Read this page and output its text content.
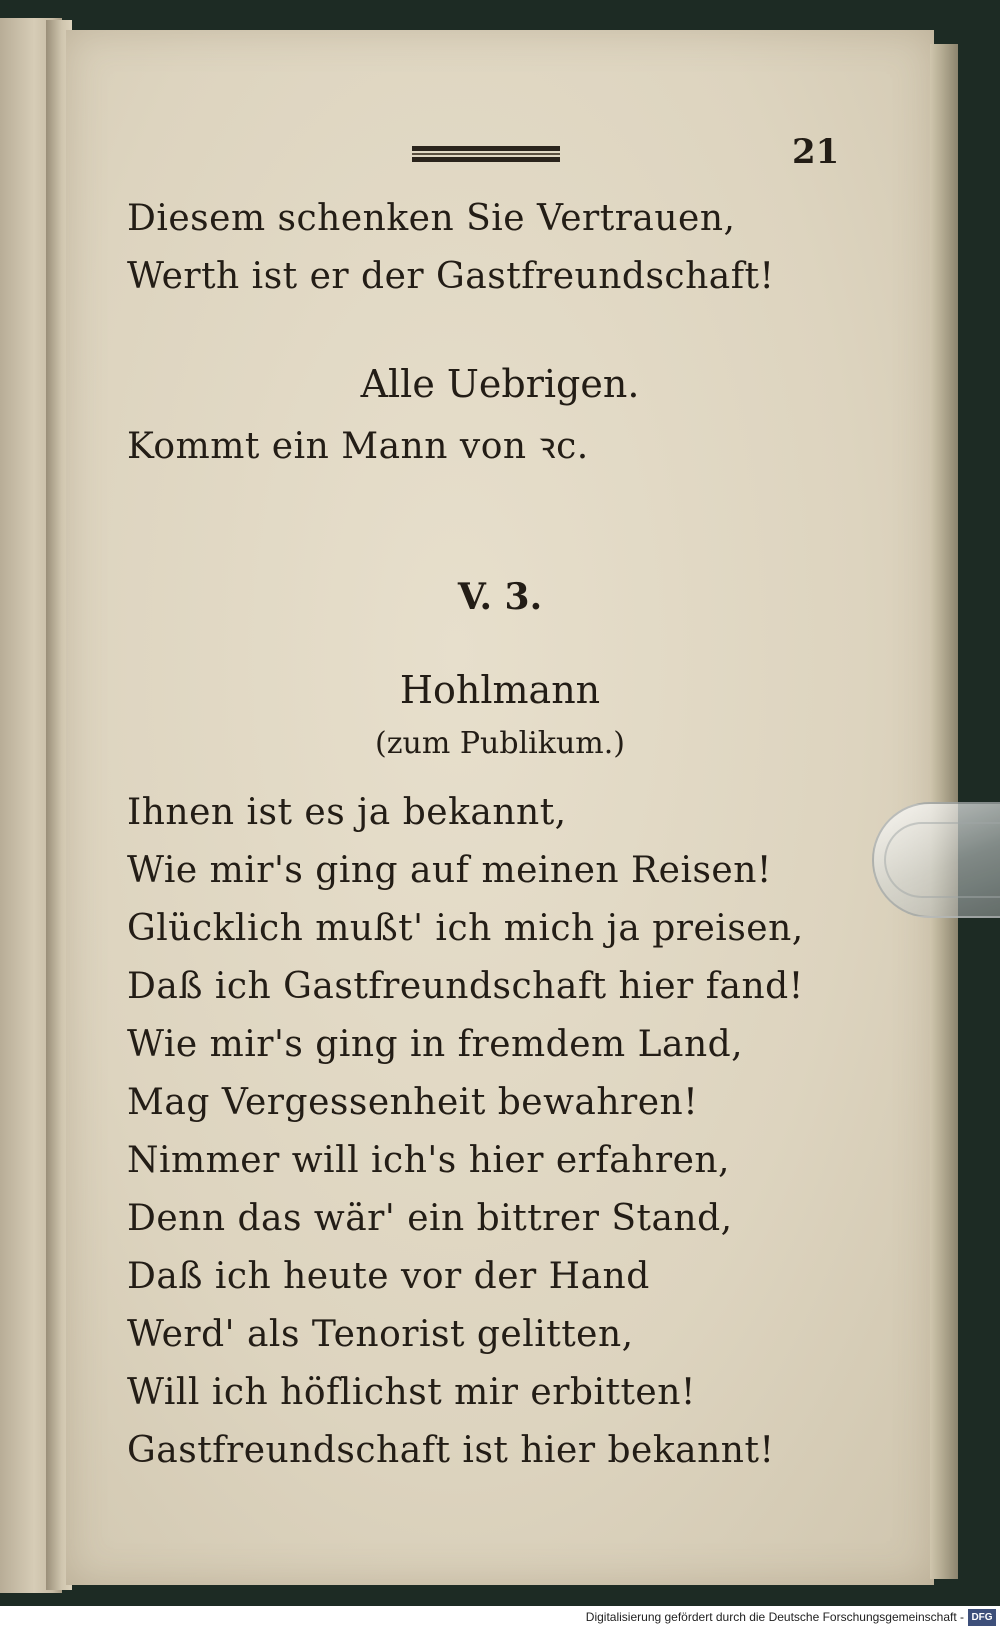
21
Diesem schenken Sie Vertrauen,
Werth ist er der Gastfreundschaft!
Alle Uebrigen.
Kommt ein Mann von ꝛc.
V. 3.
Hohlmann
(zum Publikum.)
Ihnen ist es ja bekannt,
Wie mir's ging auf meinen Reisen!
Glücklich mußt' ich mich ja preisen,
Daß ich Gastfreundschaft hier fand!
Wie mir's ging in fremdem Land,
Mag Vergessenheit bewahren!
Nimmer will ich's hier erfahren,
Denn das wär' ein bittrer Stand,
Daß ich heute vor der Hand
Werd' als Tenorist gelitten,
Will ich höflichst mir erbitten!
Gastfreundschaft ist hier bekannt!
Digitalisierung gefördert durch die Deutsche Forschungsgemeinschaft - DFG
